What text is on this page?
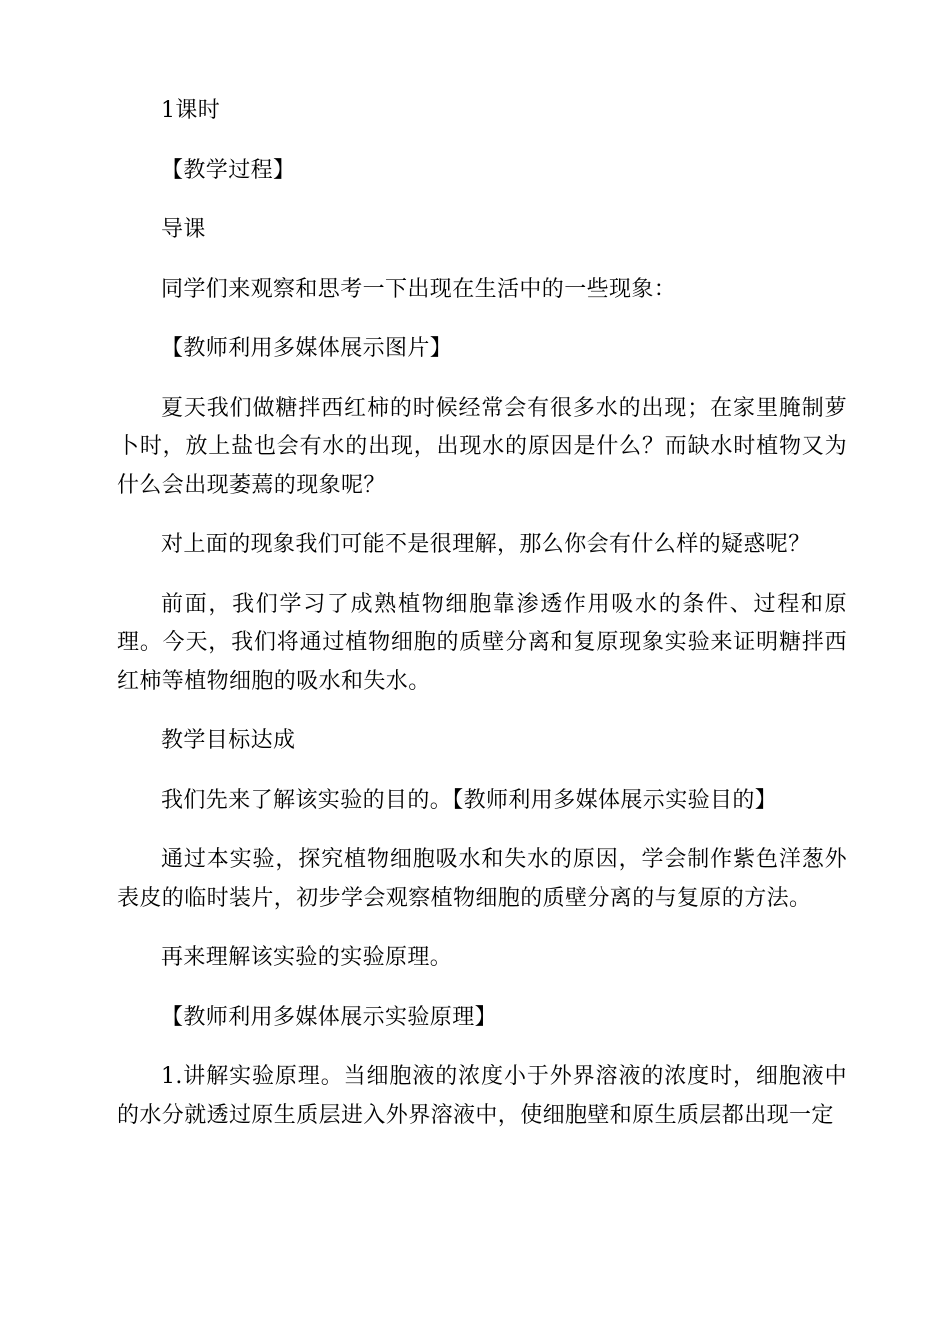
1课时

【教学过程】

导课

同学们来观察和思考一下出现在生活中的一些现象：

【教师利用多媒体展示图片】

夏天我们做糖拌西红柿的时候经常会有很多水的出现；在家里腌制萝卜时，放上盐也会有水的出现，出现水的原因是什么？而缺水时植物又为什么会出现萎蔫的现象呢？

对上面的现象我们可能不是很理解，那么你会有什么样的疑惑呢？

前面，我们学习了成熟植物细胞靠渗透作用吸水的条件、过程和原理。今天，我们将通过植物细胞的质壁分离和复原现象实验来证明糖拌西红柿等植物细胞的吸水和失水。

教学目标达成

我们先来了解该实验的目的。【教师利用多媒体展示实验目的】

通过本实验，探究植物细胞吸水和失水的原因，学会制作紫色洋葱外表皮的临时装片，初步学会观察植物细胞的质壁分离的与复原的方法。

再来理解该实验的实验原理。

【教师利用多媒体展示实验原理】

1.讲解实验原理。当细胞液的浓度小于外界溶液的浓度时，细胞液中的水分就透过原生质层进入外界溶液中，使细胞壁和原生质层都出现一定
